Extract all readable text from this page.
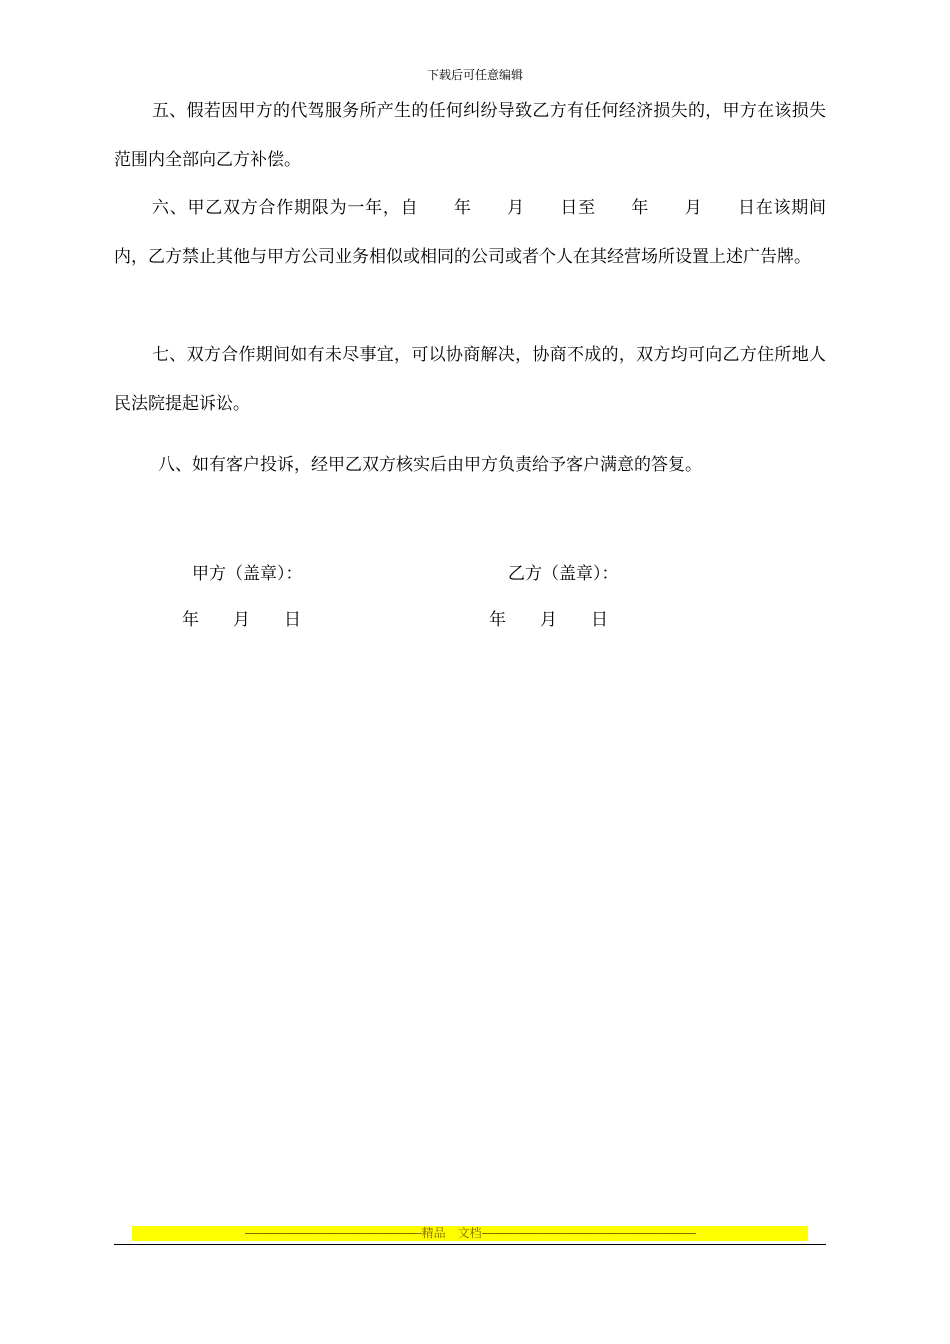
下载后可任意编辑

五、假若因甲方的代驾服务所产生的任何纠纷导致乙方有任何经济损失的，甲方在该损失范围内全部向乙方补偿。

六、甲乙双方合作期限为一年，自　　年　　月　　日至　　年　　月　　日在该期间内，乙方禁止其他与甲方公司业务相似或相同的公司或者个人在其经营场所设置上述广告牌。

七、双方合作期间如有未尽事宜，可以协商解决，协商不成的，双方均可向乙方住所地人民法院提起诉讼。

八、如有客户投诉，经甲乙双方核实后由甲方负责给予客户满意的答复。

甲方（盖章）：	乙方（盖章）：
年　　月　　日	年　　月　　日
----------------------------------------------------------精品　文档----------------------------------------------------------------------
